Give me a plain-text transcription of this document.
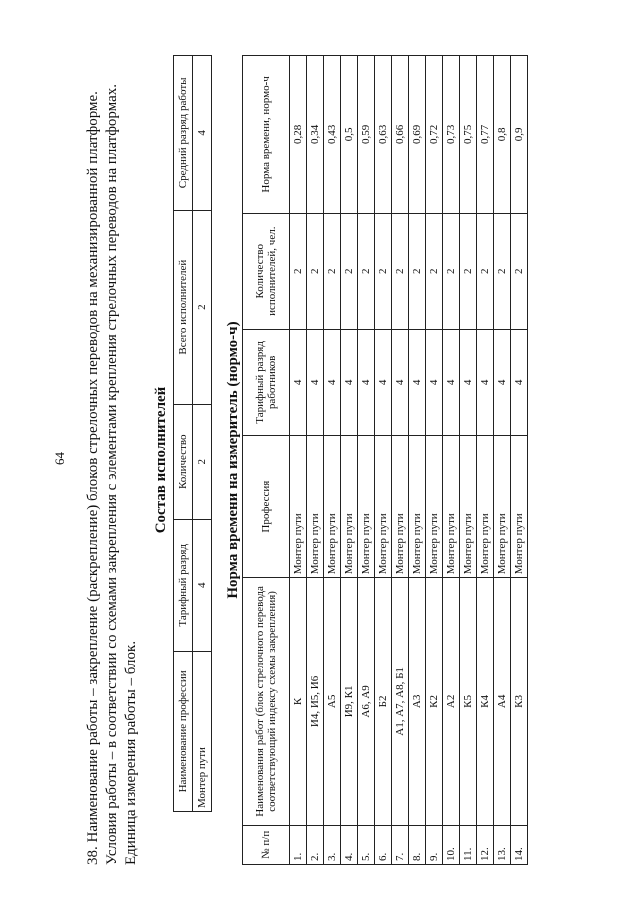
64 38. Наименование работы – закрепление (раскрепление) блоков стрелочных переводов на механизированной платформе. Условия работы – в соответствии со схемами закрепления с элементами крепления стрелочных переводов на платформах. Единица измерения работы – блок.

Состав исполнителей
Наименование профессии	Тарифный разряд	Количество	Всего исполнителей	Средний разряд работы
Монтер пути	4	2	2	4
Норма времени на измеритель (нормо-ч)
№ п/п	Наименования работ (блок стрелочного перевода соответствующий индексу схемы закрепления)	Профессия	Тарифный разряд работников	Количество исполнителей, чел.	Норма времени, нормо-ч
1.	К	Монтер пути	4	2	0,28
2.	И4, И5, И6	Монтер пути	4	2	0,34
3.	А5	Монтер пути	4	2	0,43
4.	И9, К1	Монтер пути	4	2	0,5
5.	А6, А9	Монтер пути	4	2	0,59
6.	Б2	Монтер пути	4	2	0,63
7.	А1, А7, А8, Б1	Монтер пути	4	2	0,66
8.	А3	Монтер пути	4	2	0,69
9.	К2	Монтер пути	4	2	0,72
10.	А2	Монтер пути	4	2	0,73
11.	К5	Монтер пути	4	2	0,75
12.	К4	Монтер пути	4	2	0,77
13.	А4	Монтер пути	4	2	0,8
14.	К3	Монтер пути	4	2	0,9
